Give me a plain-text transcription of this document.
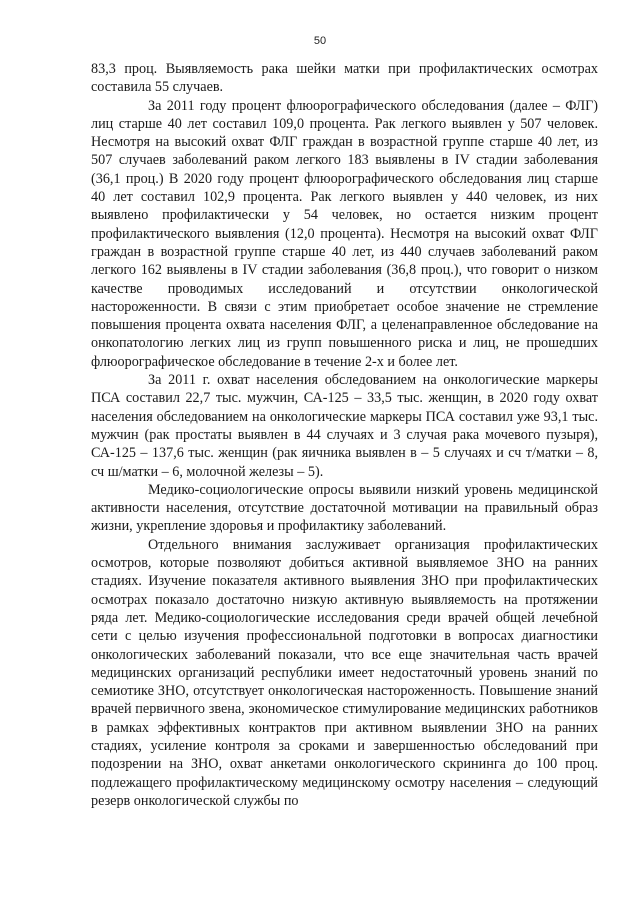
50

83,3 проц. Выявляемость рака шейки матки при профилактических осмотрах составила 55 случаев.

За 2011 году процент флюорографического обследования (далее – ФЛГ) лиц старше 40 лет составил 109,0 процента. Рак легкого выявлен у 507 человек. Несмотря на высокий охват ФЛГ граждан в возрастной группе старше 40 лет, из 507 случаев заболеваний раком легкого 183 выявлены в IV стадии заболевания (36,1 проц.) В 2020 году процент флюорографического обследования лиц старше 40 лет составил 102,9 процента. Рак легкого выявлен у 440 человек, из них выявлено профилактически у 54 человек, но остается низким процент профилактического выявления (12,0 процента). Несмотря на высокий охват ФЛГ граждан в возрастной группе старше 40 лет, из 440 случаев заболеваний раком легкого 162 выявлены в IV стадии заболевания (36,8 проц.), что говорит о низком качестве проводимых исследований и отсутствии онкологической настороженности. В связи с этим приобретает особое значение не стремление повышения процента охвата населения ФЛГ, а целенаправленное обследование на онкопатологию легких лиц из групп повышенного риска и лиц, не прошедших флюорографическое обследование в течение 2-х и более лет.

За 2011 г. охват населения обследованием на онкологические маркеры ПСА составил 22,7 тыс. мужчин, СА-125 – 33,5 тыс. женщин, в 2020 году охват населения обследованием на онкологические маркеры ПСА составил уже 93,1 тыс. мужчин (рак простаты выявлен в 44 случаях и 3 случая рака мочевого пузыря), СА-125 – 137,6 тыс. женщин (рак яичника выявлен в – 5 случаях и сч т/матки – 8, сч ш/матки – 6, молочной железы – 5).

Медико-социологические опросы выявили низкий уровень медицинской активности населения, отсутствие достаточной мотивации на правильный образ жизни, укрепление здоровья и профилактику заболеваний.

Отдельного внимания заслуживает организация профилактических осмотров, которые позволяют добиться активной выявляемое ЗНО на ранних стадиях. Изучение показателя активного выявления ЗНО при профилактических осмотрах показало достаточно низкую активную выявляемость на протяжении ряда лет. Медико-социологические исследования среди врачей общей лечебной сети с целью изучения профессиональной подготовки в вопросах диагностики онкологических заболеваний показали, что все еще значительная часть врачей медицинских организаций республики имеет недостаточный уровень знаний по семиотике ЗНО, отсутствует онкологическая настороженность. Повышение знаний врачей первичного звена, экономическое стимулирование медицинских работников в рамках эффективных контрактов при активном выявлении ЗНО на ранних стадиях, усиление контроля за сроками и завершенностью обследований при подозрении на ЗНО, охват анкетами онкологического скрининга до 100 проц. подлежащего профилактическому медицинскому осмотру населения – следующий резерв онкологической службы по
